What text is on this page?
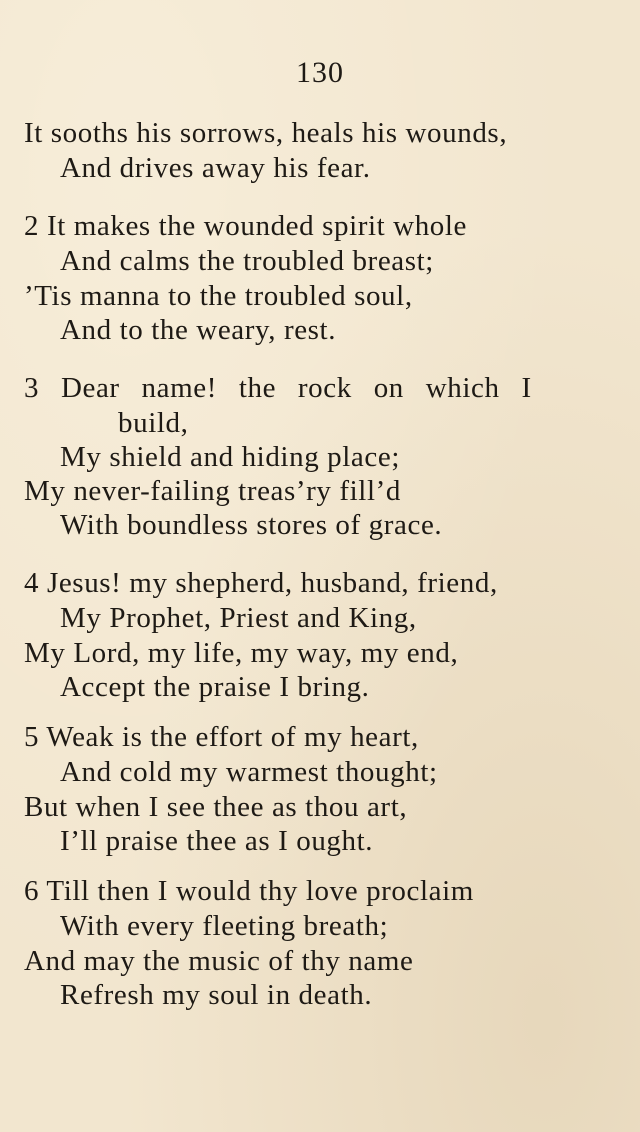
130
It sooths his sorrows, heals his wounds,
And drives away his fear.
2 It makes the wounded spirit whole
And calms the troubled breast;
’Tis manna to the troubled soul,
And to the weary, rest.
3 Dear name! the rock on which I
build,
My shield and hiding place;
My never-failing treas’ry fill’d
With boundless stores of grace.
4 Jesus! my shepherd, husband, friend,
My Prophet, Priest and King,
My Lord, my life, my way, my end,
Accept the praise I bring.
5 Weak is the effort of my heart,
And cold my warmest thought;
But when I see thee as thou art,
I’ll praise thee as I ought.
6 Till then I would thy love proclaim
With every fleeting breath;
And may the music of thy name
Refresh my soul in death.
